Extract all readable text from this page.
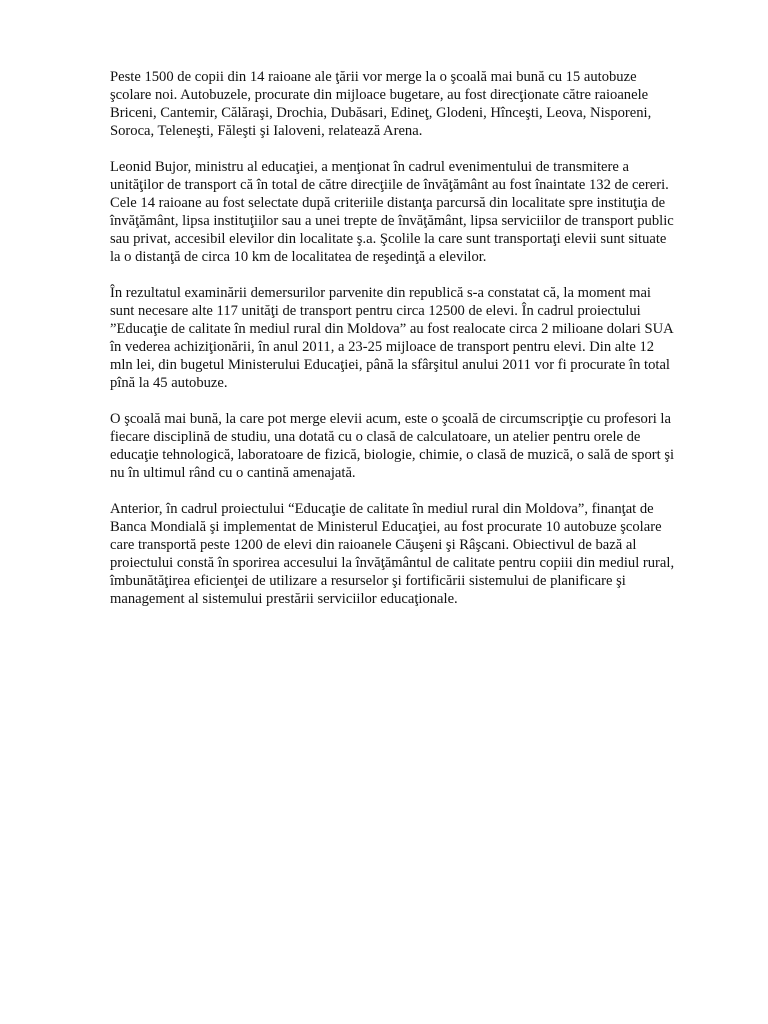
Peste 1500 de copii din 14 raioane ale ţării vor merge la o şcoală mai bună cu 15 autobuze
şcolare noi. Autobuzele, procurate din mijloace bugetare, au fost direcţionate către raioanele
Briceni, Cantemir, Călăraşi, Drochia, Dubăsari, Edineţ, Glodeni, Hînceşti, Leova, Nisporeni,
Soroca, Teleneşti, Făleşti şi Ialoveni, relatează Arena.

Leonid Bujor, ministru al educaţiei, a menţionat în cadrul evenimentului de transmitere a
unităţilor de transport că în total de către direcţiile de învăţământ au fost înaintate 132 de cereri.
Cele 14 raioane au fost selectate după criteriile distanţa parcursă din localitate spre instituţia de
învăţământ, lipsa instituţiilor sau a unei trepte de învăţământ, lipsa serviciilor de transport public
sau privat, accesibil elevilor din localitate ş.a. Şcolile la care sunt transportaţi elevii sunt situate
la o distanţă de circa 10 km de localitatea de reşedinţă a elevilor.

În rezultatul examinării demersurilor parvenite din republică s-a constatat că, la moment mai
sunt necesare alte 117 unităţi de transport pentru circa 12500 de elevi. În cadrul proiectului
”Educaţie de calitate în mediul rural din Moldova” au fost realocate circa 2 milioane dolari SUA
în vederea achiziţionării, în anul 2011, a 23-25 mijloace de transport pentru elevi. Din alte 12
mln lei, din bugetul Ministerului Educaţiei, până la sfârşitul anului 2011 vor fi procurate în total
pînă la 45 autobuze.

O şcoală mai bună, la care pot merge elevii acum, este o şcoală de circumscripţie cu profesori la
fiecare disciplină de studiu, una dotată cu o clasă de calculatoare, un atelier pentru orele de
educaţie tehnologică, laboratoare de fizică, biologie, chimie, o clasă de muzică, o sală de sport şi
nu în ultimul rând cu o cantină amenajată.

Anterior, în cadrul proiectului “Educaţie de calitate în mediul rural din Moldova”, finanţat de
Banca Mondială şi implementat de Ministerul Educaţiei, au fost procurate 10 autobuze şcolare
care transportă peste 1200 de elevi din raioanele Căuşeni şi Râşcani. Obiectivul de bază al
proiectului constă în sporirea accesului la învăţământul de calitate pentru copiii din mediul rural,
îmbunătăţirea eficienţei de utilizare a resurselor şi fortificării sistemului de planificare şi
management al sistemului prestării serviciilor educaţionale.
